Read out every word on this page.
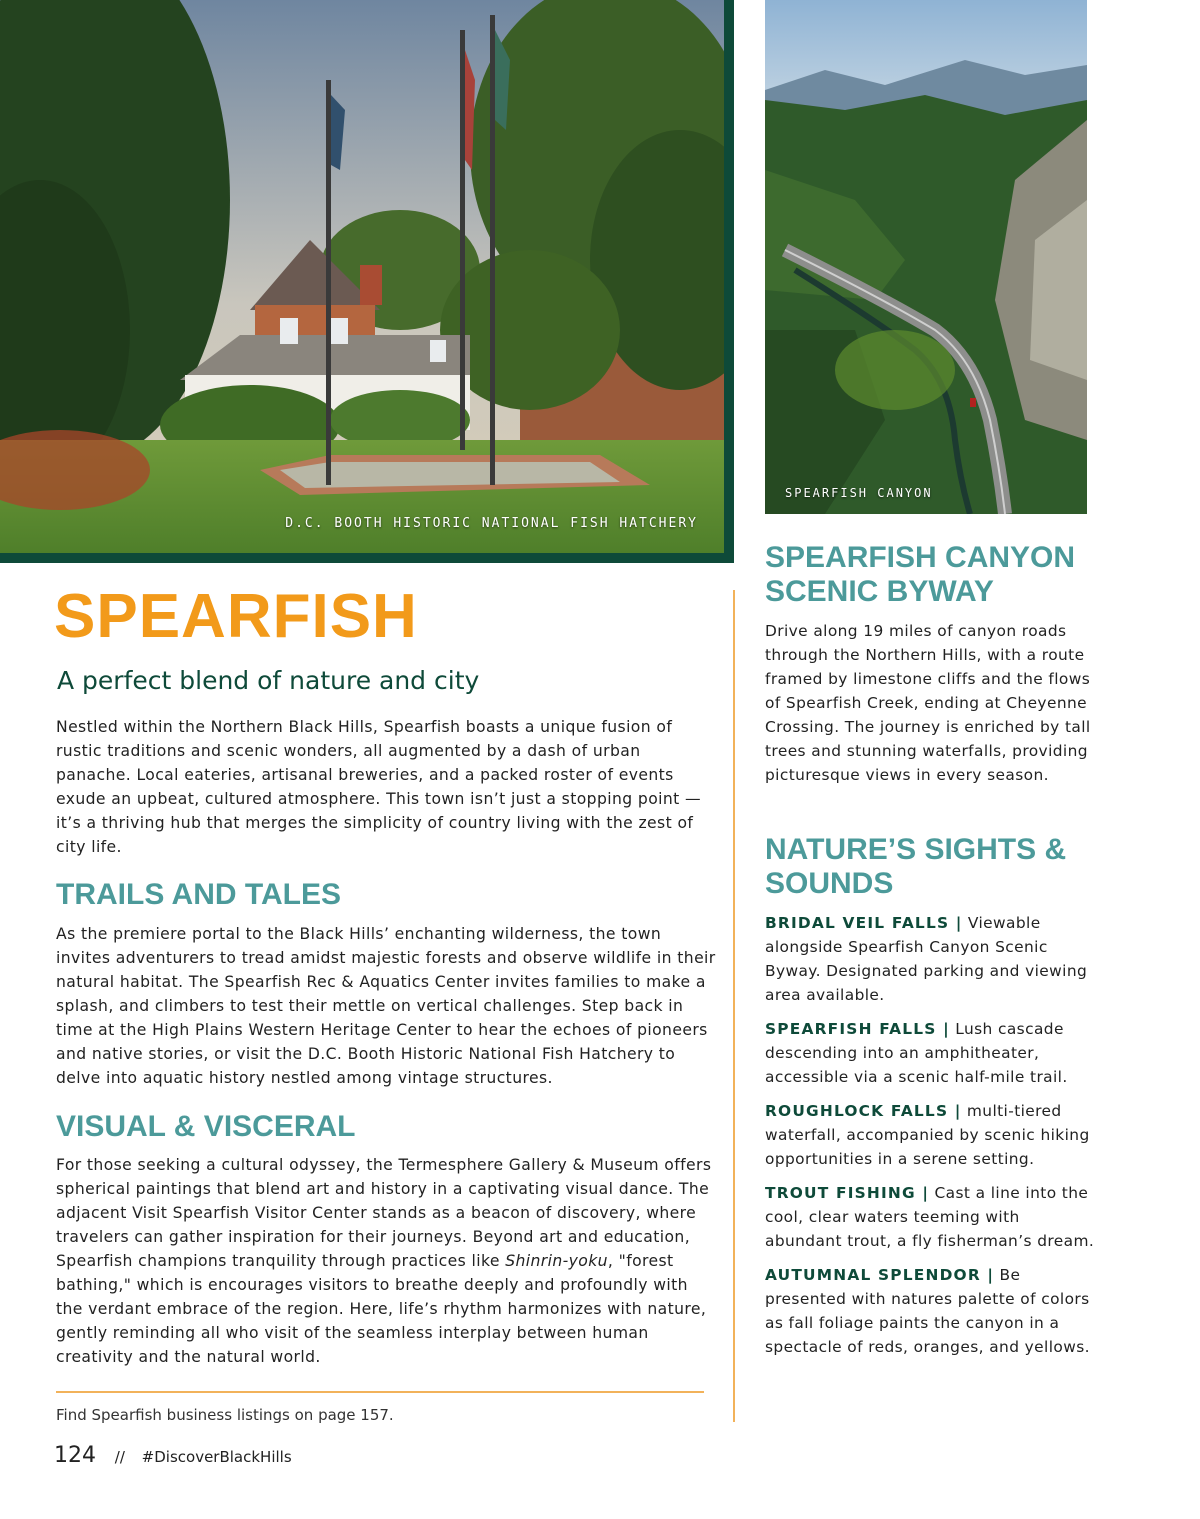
D.C. BOOTH HISTORIC NATIONAL FISH HATCHERY
SPEARFISH CANYON
SPEARFISH
A perfect blend of nature and city

Nestled within the Northern Black Hills, Spearfish boasts a unique fusion of rustic traditions and scenic wonders, all augmented by a dash of urban panache. Local eateries, artisanal breweries, and a packed roster of events exude an upbeat, cultured atmosphere. This town isn’t just a stopping point — it’s a thriving hub that merges the simplicity of country living with the zest of city life.

TRAILS AND TALES

As the premiere portal to the Black Hills’ enchanting wilderness, the town invites adventurers to tread amidst majestic forests and observe wildlife in their natural habitat. The Spearfish Rec & Aquatics Center invites families to make a splash, and climbers to test their mettle on vertical challenges. Step back in time at the High Plains Western Heritage Center to hear the echoes of pioneers and native stories, or visit the D.C. Booth Historic National Fish Hatchery to delve into aquatic history nestled among vintage structures.

VISUAL & VISCERAL

For those seeking a cultural odyssey, the Termesphere Gallery & Museum offers spherical paintings that blend art and history in a captivating visual dance. The adjacent Visit Spearfish Visitor Center stands as a beacon of discovery, where travelers can gather inspiration for their journeys. Beyond art and education, Spearfish champions tranquility through practices like Shinrin-yoku, "forest bathing," which is encourages visitors to breathe deeply and profoundly with the verdant embrace of the region. Here, life’s rhythm harmonizes with nature, gently reminding all who visit of the seamless interplay between human creativity and the natural world.

Find Spearfish business listings on page 157.
124 // #DiscoverBlackHills
SPEARFISH CANYON SCENIC BYWAY

Drive along 19 miles of canyon roads through the Northern Hills, with a route framed by limestone cliffs and the flows of Spearfish Creek, ending at Cheyenne Crossing. The journey is enriched by tall trees and stunning waterfalls, providing picturesque views in every season.

NATURE’S SIGHTS & SOUNDS

BRIDAL VEIL FALLS | Viewable alongside Spearfish Canyon Scenic Byway. Designated parking and viewing area available.

SPEARFISH FALLS | Lush cascade descending into an amphitheater, accessible via a scenic half-mile trail.

ROUGHLOCK FALLS | multi-tiered waterfall, accompanied by scenic hiking opportunities in a serene setting.

TROUT FISHING | Cast a line into the cool, clear waters teeming with abundant trout, a fly fisherman’s dream.

AUTUMNAL SPLENDOR | Be presented with natures palette of colors as fall foliage paints the canyon in a spectacle of reds, oranges, and yellows.
